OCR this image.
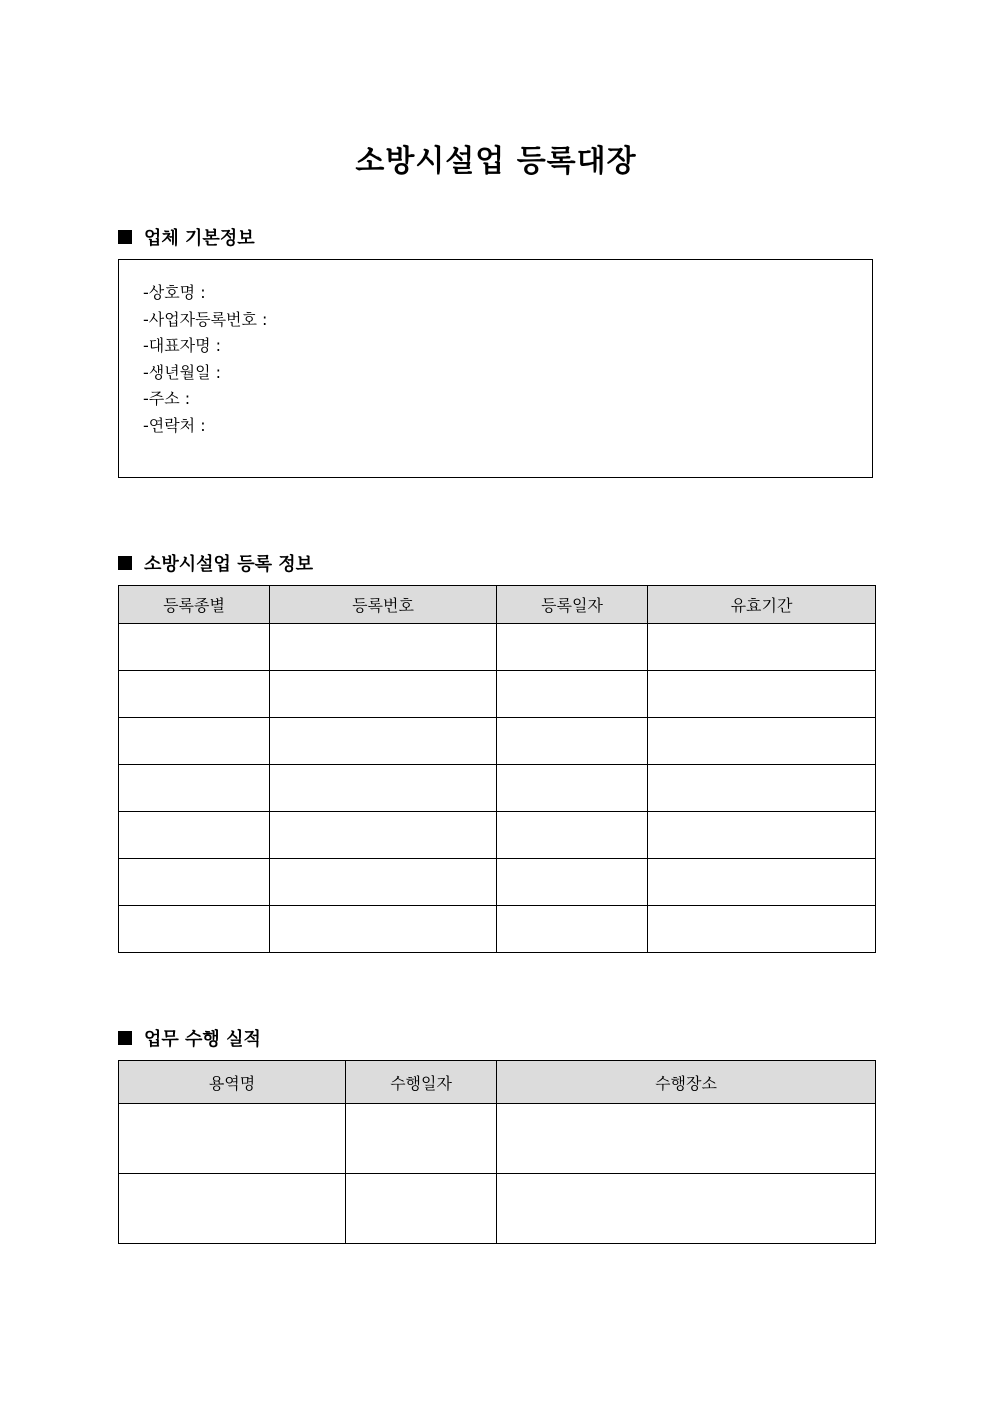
소방시설업 등록대장
업체 기본정보
-상호명 :
-사업자등록번호 :
-대표자명 :
-생년월일 :
-주소 :
-연락처 :
소방시설업 등록 정보
등록종별	등록번호	등록일자	유효기간

업무 수행 실적
용역명	수행일자	수행장소
